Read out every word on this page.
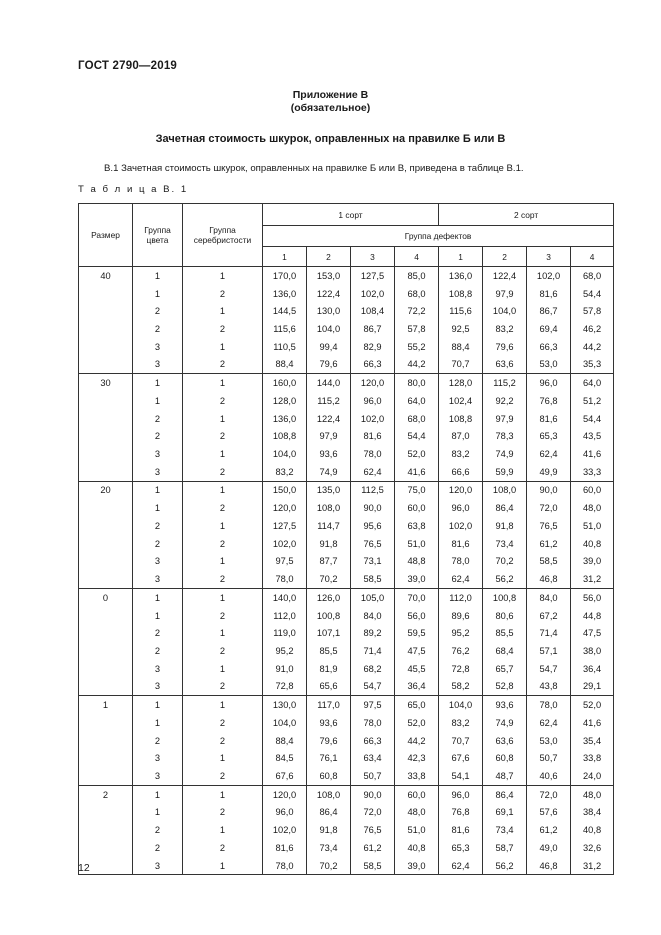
ГОСТ 2790—2019
Приложение В
(обязательное)
Зачетная стоимость шкурок, оправленных на правилке Б или В
В.1 Зачетная стоимость шкурок, оправленных на правилке Б или В, приведена в таблице В.1.
Т а б л и ц а В. 1
Размер	Группа цвета	Группа серебристости	1 сорт				2 сорт			
			Группа дефектов							
			1	2	3	4	1	2	3	4
40	1	1	170,0	153,0	127,5	85,0	136,0	122,4	102,0	68,0
	1	2	136,0	122,4	102,0	68,0	108,8	97,9	81,6	54,4
	2	1	144,5	130,0	108,4	72,2	115,6	104,0	86,7	57,8
	2	2	115,6	104,0	86,7	57,8	92,5	83,2	69,4	46,2
	3	1	110,5	99,4	82,9	55,2	88,4	79,6	66,3	44,2
	3	2	88,4	79,6	66,3	44,2	70,7	63,6	53,0	35,3
30	1	1	160,0	144,0	120,0	80,0	128,0	115,2	96,0	64,0
	1	2	128,0	115,2	96,0	64,0	102,4	92,2	76,8	51,2
	2	1	136,0	122,4	102,0	68,0	108,8	97,9	81,6	54,4
	2	2	108,8	97,9	81,6	54,4	87,0	78,3	65,3	43,5
	3	1	104,0	93,6	78,0	52,0	83,2	74,9	62,4	41,6
	3	2	83,2	74,9	62,4	41,6	66,6	59,9	49,9	33,3
20	1	1	150,0	135,0	112,5	75,0	120,0	108,0	90,0	60,0
	1	2	120,0	108,0	90,0	60,0	96,0	86,4	72,0	48,0
	2	1	127,5	114,7	95,6	63,8	102,0	91,8	76,5	51,0
	2	2	102,0	91,8	76,5	51,0	81,6	73,4	61,2	40,8
	3	1	97,5	87,7	73,1	48,8	78,0	70,2	58,5	39,0
	3	2	78,0	70,2	58,5	39,0	62,4	56,2	46,8	31,2
0	1	1	140,0	126,0	105,0	70,0	112,0	100,8	84,0	56,0
	1	2	112,0	100,8	84,0	56,0	89,6	80,6	67,2	44,8
	2	1	119,0	107,1	89,2	59,5	95,2	85,5	71,4	47,5
	2	2	95,2	85,5	71,4	47,5	76,2	68,4	57,1	38,0
	3	1	91,0	81,9	68,2	45,5	72,8	65,7	54,7	36,4
	3	2	72,8	65,6	54,7	36,4	58,2	52,8	43,8	29,1
1	1	1	130,0	117,0	97,5	65,0	104,0	93,6	78,0	52,0
	1	2	104,0	93,6	78,0	52,0	83,2	74,9	62,4	41,6
	2	2	88,4	79,6	66,3	44,2	70,7	63,6	53,0	35,4
	3	1	84,5	76,1	63,4	42,3	67,6	60,8	50,7	33,8
	3	2	67,6	60,8	50,7	33,8	54,1	48,7	40,6	24,0
2	1	1	120,0	108,0	90,0	60,0	96,0	86,4	72,0	48,0
	1	2	96,0	86,4	72,0	48,0	76,8	69,1	57,6	38,4
	2	1	102,0	91,8	76,5	51,0	81,6	73,4	61,2	40,8
	2	2	81,6	73,4	61,2	40,8	65,3	58,7	49,0	32,6
	3	1	78,0	70,2	58,5	39,0	62,4	56,2	46,8	31,2
12
